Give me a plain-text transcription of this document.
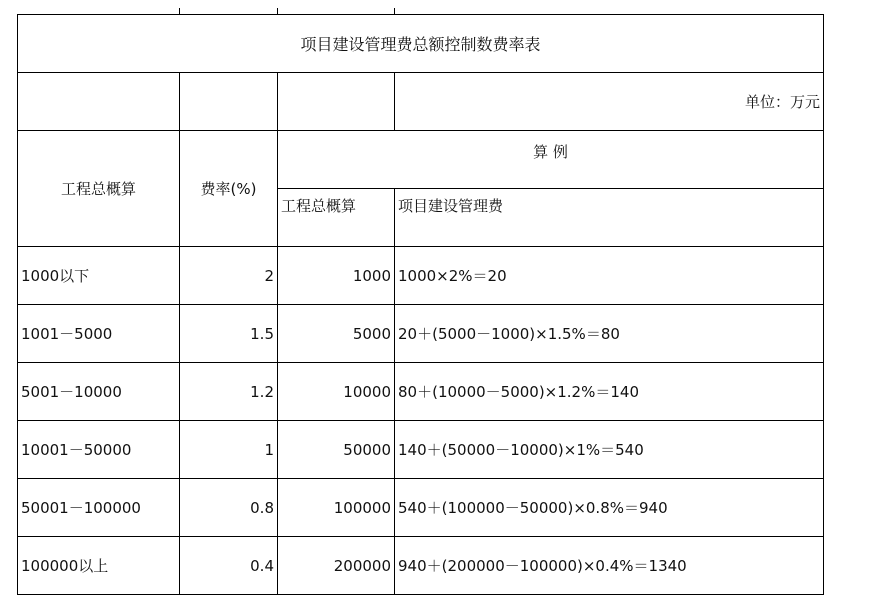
项目建设管理费总额控制数费率表			
			单位：万元
工程总概算	费率(%)	算 例	
		工程总概算	项目建设管理费
1000以下	2	1000	1000×2%＝20
1001－5000	1.5	5000	20＋(5000－1000)×1.5%＝80
5001－10000	1.2	10000	80＋(10000－5000)×1.2%＝140
10001－50000	1	50000	140＋(50000－10000)×1%＝540
50001－100000	0.8	100000	540＋(100000－50000)×0.8%＝940
100000以上	0.4	200000	940＋(200000－100000)×0.4%＝1340
